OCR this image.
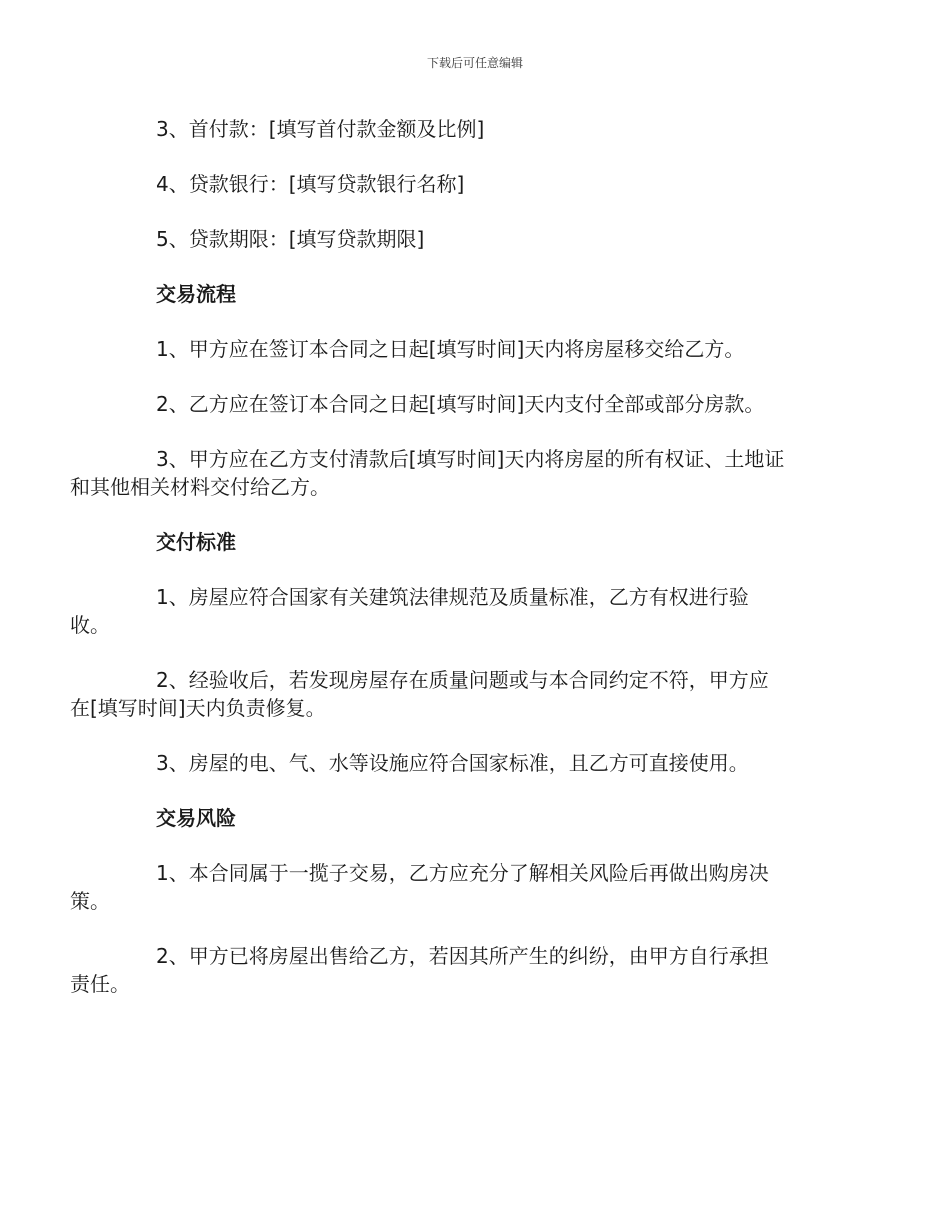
下载后可任意编辑

3、首付款：[填写首付款金额及比例]

4、贷款银行：[填写贷款银行名称]

5、贷款期限：[填写贷款期限]

交易流程

1、甲方应在签订本合同之日起[填写时间]天内将房屋移交给乙方。

2、乙方应在签订本合同之日起[填写时间]天内支付全部或部分房款。

3、甲方应在乙方支付清款后[填写时间]天内将房屋的所有权证、土地证
和其他相关材料交付给乙方。

交付标准

1、房屋应符合国家有关建筑法律规范及质量标准，乙方有权进行验
收。

2、经验收后，若发现房屋存在质量问题或与本合同约定不符，甲方应
在[填写时间]天内负责修复。

3、房屋的电、气、水等设施应符合国家标准，且乙方可直接使用。

交易风险

1、本合同属于一揽子交易，乙方应充分了解相关风险后再做出购房决
策。

2、甲方已将房屋出售给乙方，若因其所产生的纠纷，由甲方自行承担
责任。
